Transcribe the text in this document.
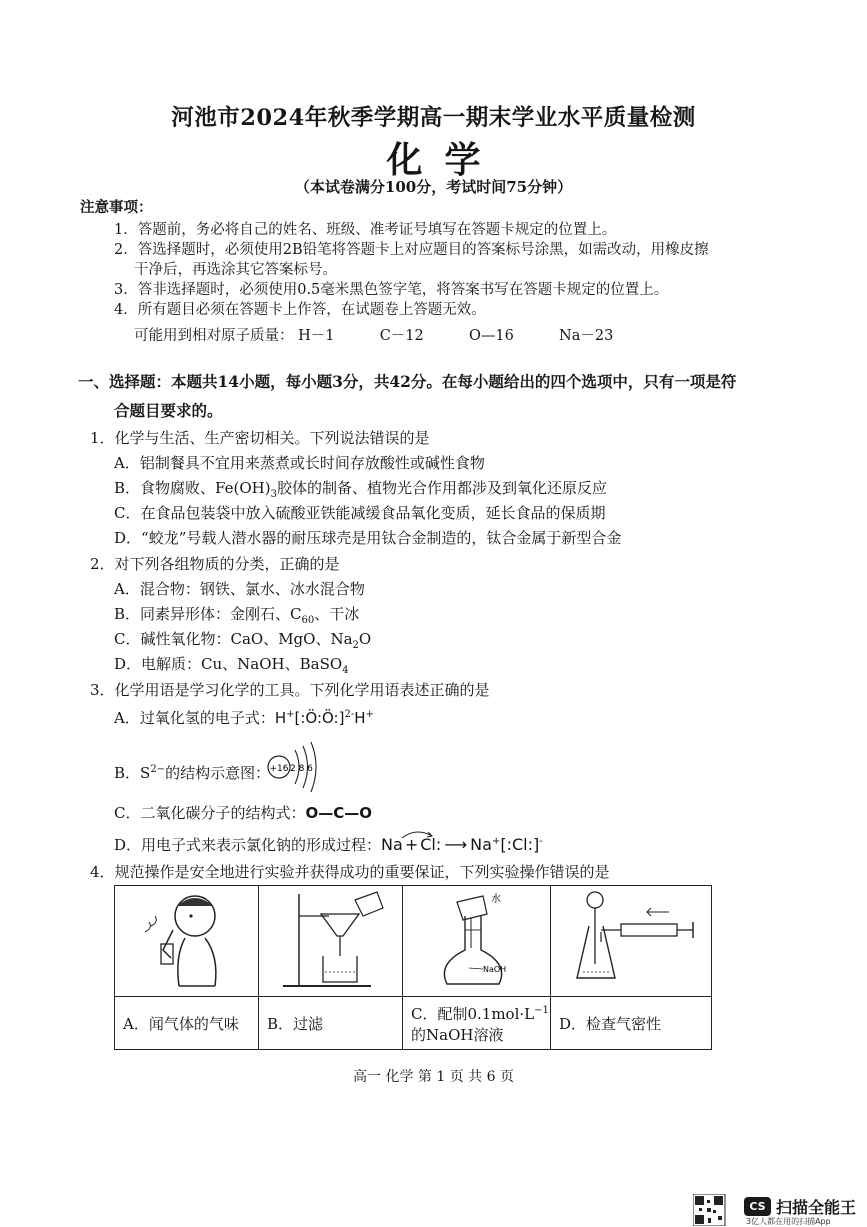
河池市2024年秋季学期高一期末学业水平质量检测
化学
（本试卷满分100分，考试时间75分钟）
注意事项：
1．答题前，务必将自己的姓名、班级、准考证号填写在答题卡规定的位置上。
2．答选择题时，必须使用2B铅笔将答题卡上对应题目的答案标号涂黑，如需改动，用橡皮擦
干净后，再选涂其它答案标号。
3．答非选择题时，必须使用0.5毫米黑色签字笔，将答案书写在答题卡规定的位置上。
4．所有题目必须在答题卡上作答，在试题卷上答题无效。
可能用到相对原子质量： H－1	C－12	O—16	Na－23
一、选择题：本题共14小题，每小题3分，共42分。在每小题给出的四个选项中，只有一项是符
合题目要求的。
1．化学与生活、生产密切相关。下列说法错误的是
A．铝制餐具不宜用来蒸煮或长时间存放酸性或碱性食物
B．食物腐败、$Fe(OH)_3$胶体的制备、植物光合作用都涉及到氧化还原反应
C．在食品包装袋中放入硫酸亚铁能减缓食品氧化变质，延长食品的保质期
D．“蛟龙”号载人潜水器的耐压球壳是用钛合金制造的，钛合金属于新型合金
2．对下列各组物质的分类，正确的是
A．混合物：钢铁、氯水、冰水混合物
B．同素异形体：金刚石、$C_{60}$、干冰
C．碱性氧化物：CaO、MgO、$Na_2O$
D．电解质：Cu、NaOH、BaSO$_4$
3．化学用语是学习化学的工具。下列化学用语表述正确的是
A．过氧化氢的电子式：H+[:Ö:Ö:]$^{2-}$H+
B．$S^{2-}$的结构示意图： +16 2 8 6
C．二氧化碳分子的结构式：O—C—O
D．用电子式来表示氯化钠的形成过程：Na + Cl: ⟶ Na+[:Cl:]-
4．规范操作是安全地进行实验并获得成功的重要保证，下列实验操作错误的是

水
NaOH

A．闻气体的气味	B．过滤	C．配制$0.1mol\cdot L^{-1}$
的NaOH溶液	D．检查气密性
高一 化学 第 1 页 共 6 页
CS 扫描全能王
3亿人都在用的扫描App
